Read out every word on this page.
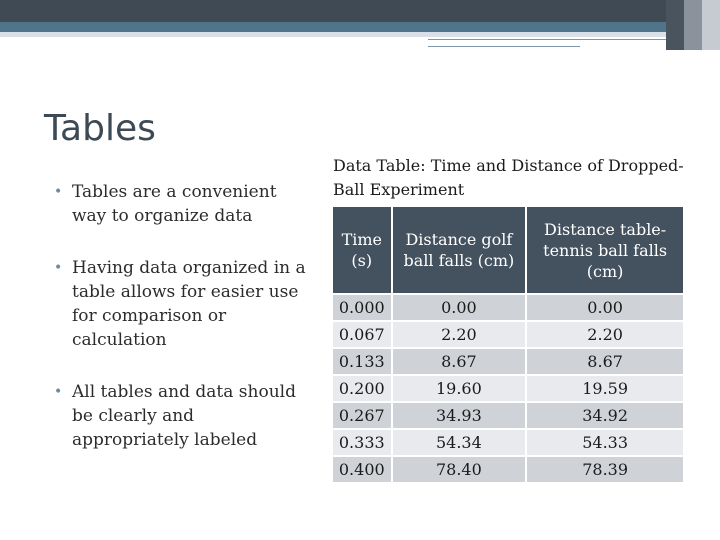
Tables
• Tables are a convenient way to organize data
• Having data organized in a table allows for easier use for comparison or calculation
• All tables and data should be clearly and appropriately labeled
Data Table: Time and Distance of Dropped-Ball Experiment
Time (s)	Distance golf ball falls (cm)	Distance table-tennis ball falls (cm)
0.000	0.00	0.00
0.067	2.20	2.20
0.133	8.67	8.67
0.200	19.60	19.59
0.267	34.93	34.92
0.333	54.34	54.33
0.400	78.40	78.39
